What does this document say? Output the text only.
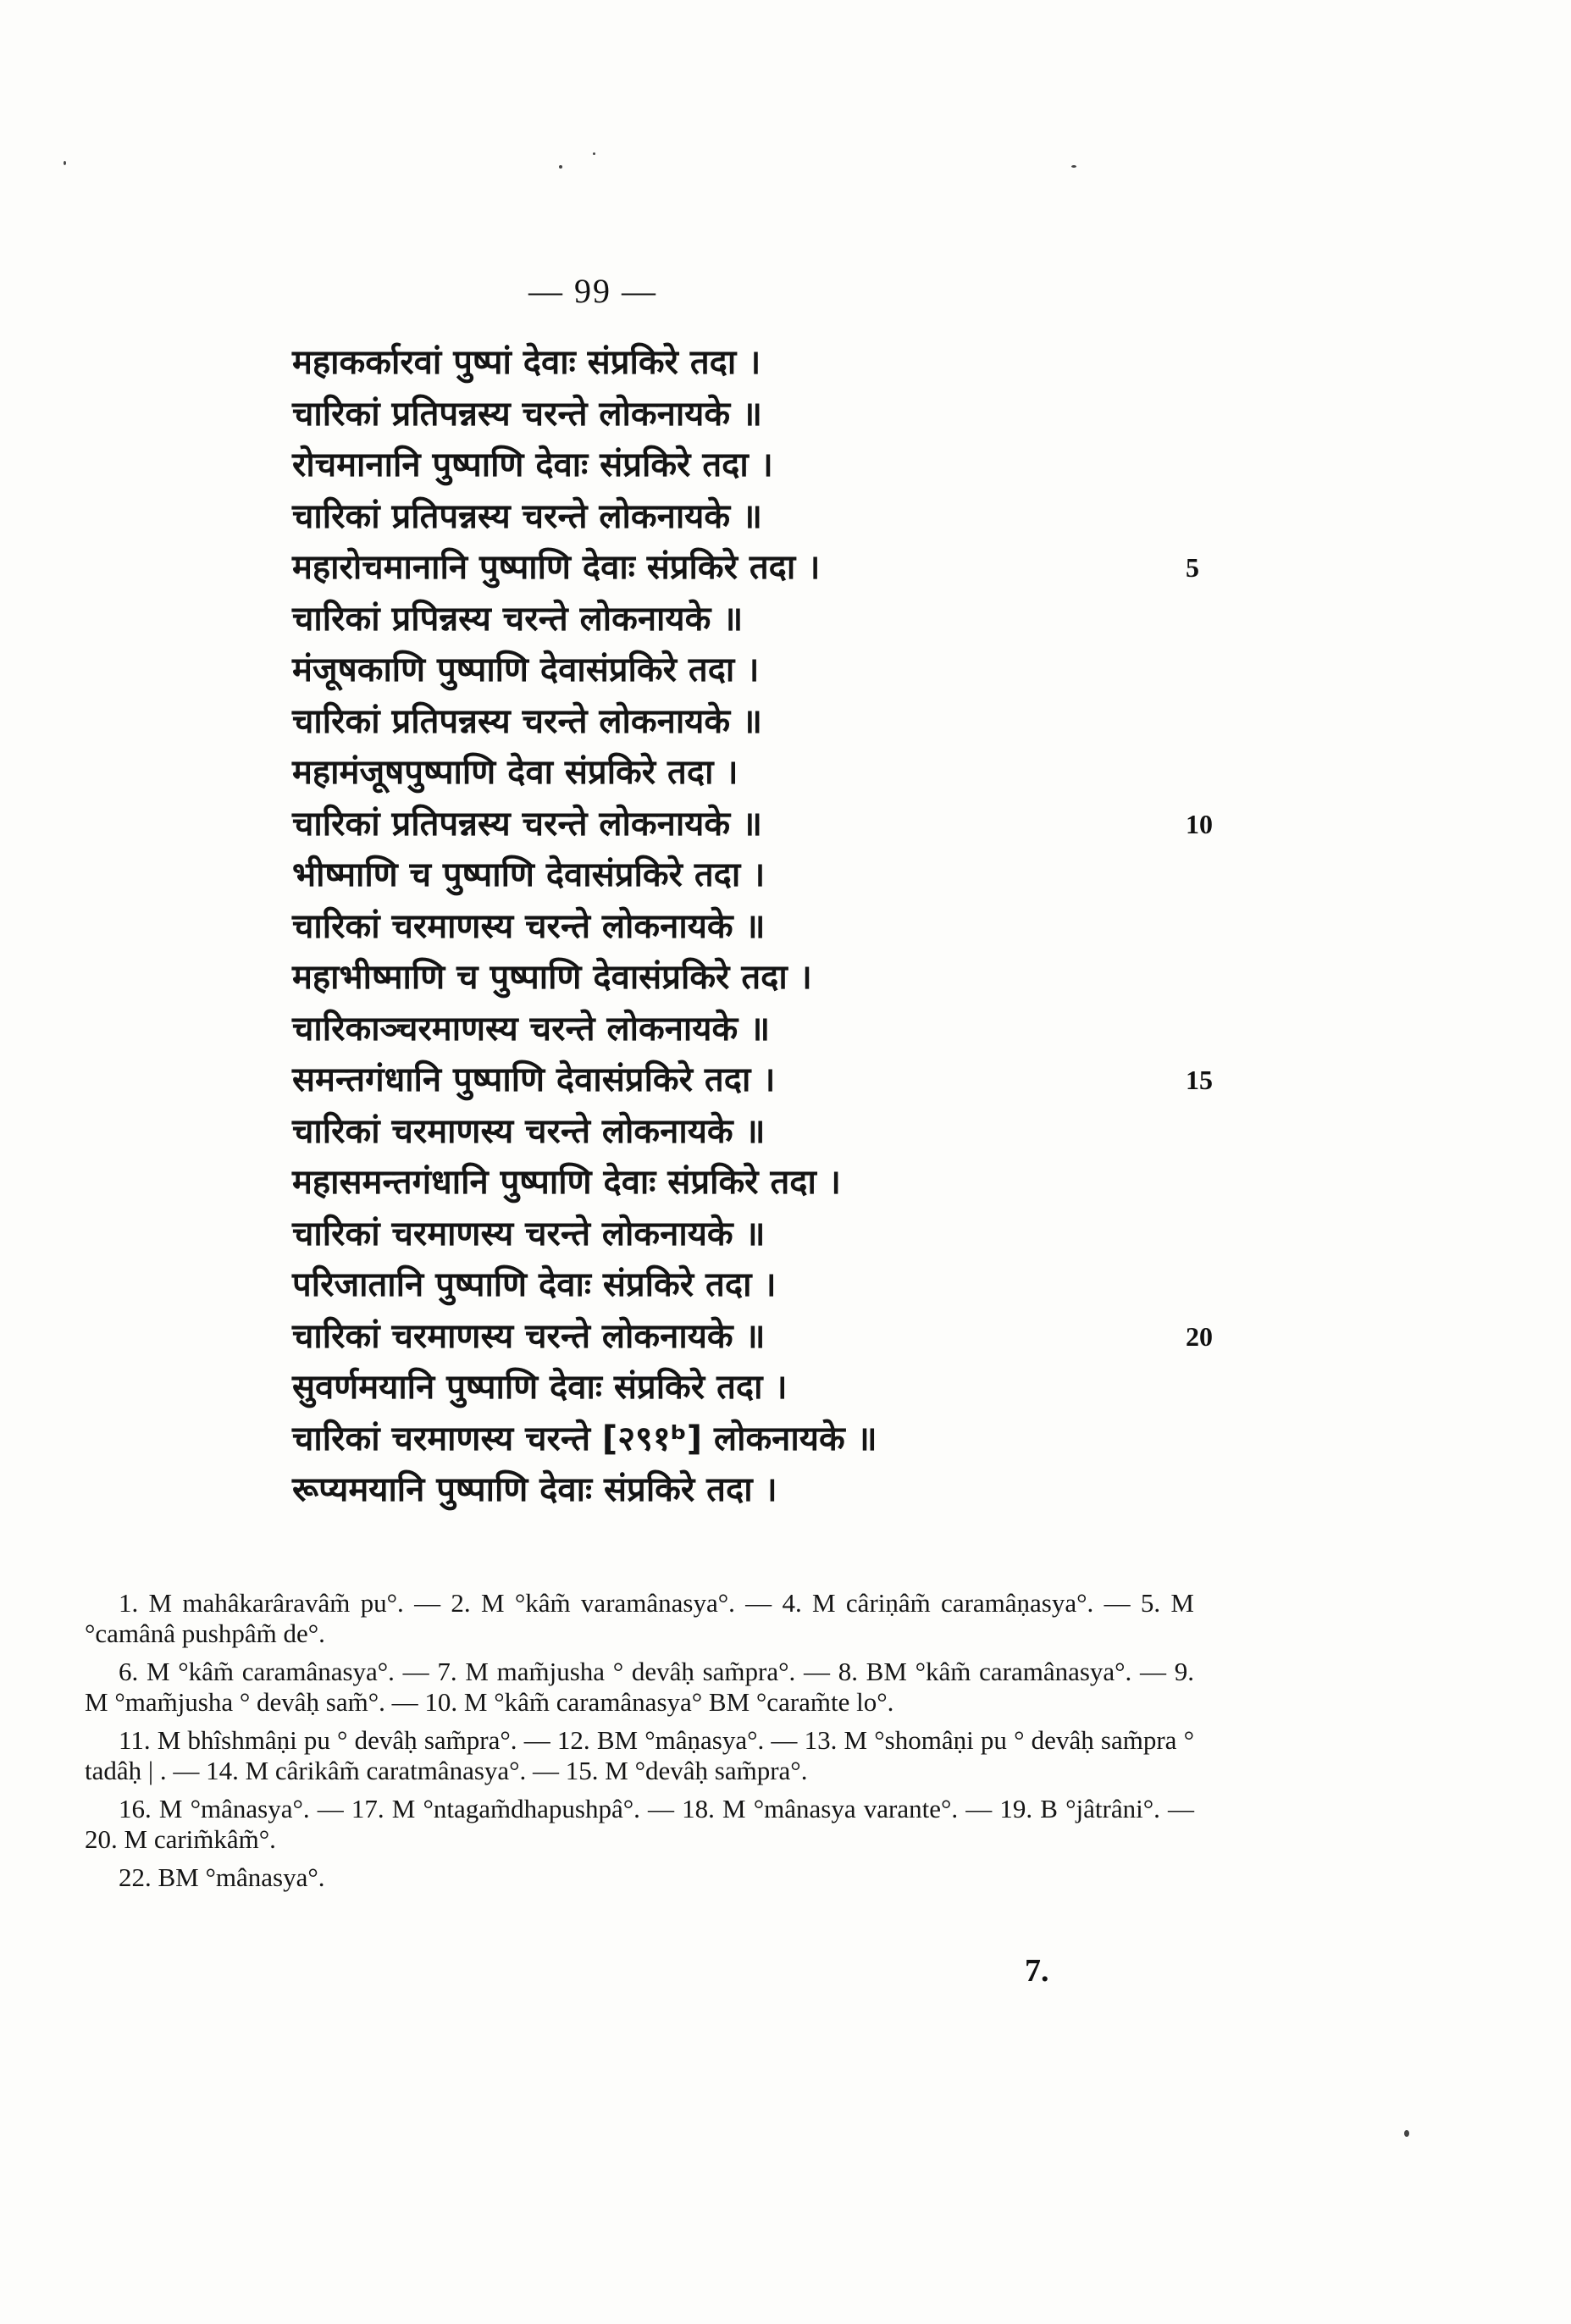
— 99 —
महाकर्कारवां पुष्पां देवाः संप्रकिरे तदा ।
चारिकां प्रतिपन्नस्य चरन्ते लोकनायके ॥
रोचमानानि पुष्पाणि देवाः संप्रकिरे तदा ।
चारिकां प्रतिपन्नस्य चरन्ते लोकनायके ॥
महारोचमानानि पुष्पाणि देवाः संप्रकिरे तदा ।	5
चारिकां प्रपिन्नस्य चरन्ते लोकनायके ॥
मंजूषकाणि पुष्पाणि देवासंप्रकिरे तदा ।
चारिकां प्रतिपन्नस्य चरन्ते लोकनायके ॥
महामंजूषपुष्पाणि देवा संप्रकिरे तदा ।
चारिकां प्रतिपन्नस्य चरन्ते लोकनायके ॥	10
भीष्माणि च पुष्पाणि देवासंप्रकिरे तदा ।
चारिकां चरमाणस्य चरन्ते लोकनायके ॥
महाभीष्माणि च पुष्पाणि देवासंप्रकिरे तदा ।
चारिकाञ्चरमाणस्य चरन्ते लोकनायके ॥
समन्तगंधानि पुष्पाणि देवासंप्रकिरे तदा ।	15
चारिकां चरमाणस्य चरन्ते लोकनायके ॥
महासमन्तगंधानि पुष्पाणि देवाः संप्रकिरे तदा ।
चारिकां चरमाणस्य चरन्ते लोकनायके ॥
परिजातानि पुष्पाणि देवाः संप्रकिरे तदा ।
चारिकां चरमाणस्य चरन्ते लोकनायके ॥	20
सुवर्णमयानि पुष्पाणि देवाः संप्रकिरे तदा ।
चारिकां चरमाणस्य चरन्ते [२९१ᵇ] लोकनायके ॥
रूप्यमयानि पुष्पाणि देवाः संप्रकिरे तदा ।

1. M mahâkarâravâm̃ pu°. — 2. M °kâm̃ varamânasya°. — 4. M câriṇâm̃ caramâṇasya°. — 5. M °camânâ pushpâm̃ de°.

6. M °kâm̃ caramânasya°. — 7. M mam̃jusha ° devâḥ sam̃pra°. — 8. BM °kâm̃ caramânasya°. — 9. M °mam̃jusha ° devâḥ sam̃°. — 10. M °kâm̃ caramânasya° BM °caram̃te lo°.

11. M bhîshmâṇi pu ° devâḥ sam̃pra°. — 12. BM °mâṇasya°. — 13. M °shomâṇi pu ° devâḥ sam̃pra ° tadâḥ | . — 14. M cârikâm̃ caratmânasya°. — 15. M °devâḥ sam̃pra°.

16. M °mânasya°. — 17. M °ntagam̃dhapushpâ°. — 18. M °mânasya varante°. — 19. B °jâtrâni°. — 20. M carim̃kâm̃°.

22. BM °mânasya°.

7.
